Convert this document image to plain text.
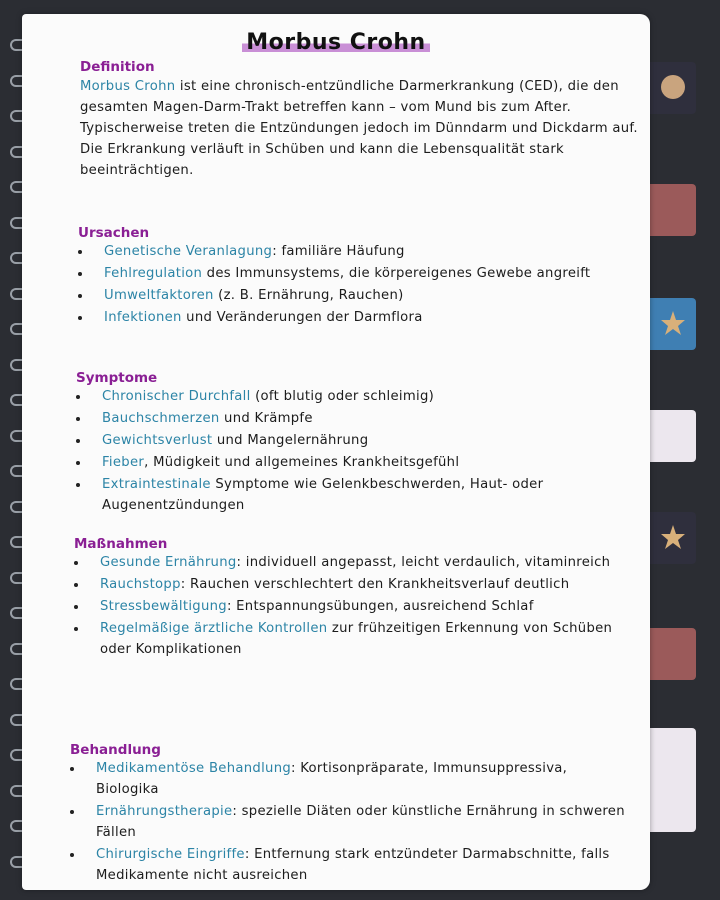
Morbus Crohn
Definition
Morbus Crohn ist eine chronisch-entzündliche Darmerkrankung (CED), die den gesamten Magen-Darm-Trakt betreffen kann – vom Mund bis zum After. Typischerweise treten die Entzündungen jedoch im Dünndarm und Dickdarm auf. Die Erkrankung verläuft in Schüben und kann die Lebensqualität stark beeinträchtigen.
Ursachen
Genetische Veranlagung: familiäre Häufung
Fehlregulation des Immunsystems, die körpereigenes Gewebe angreift
Umweltfaktoren (z. B. Ernährung, Rauchen)
Infektionen und Veränderungen der Darmflora
Symptome
Chronischer Durchfall (oft blutig oder schleimig)
Bauchschmerzen und Krämpfe
Gewichtsverlust und Mangelernährung
Fieber, Müdigkeit und allgemeines Krankheitsgefühl
Extraintestinale Symptome wie Gelenkbeschwerden, Haut- oder Augenentzündungen
Maßnahmen
Gesunde Ernährung: individuell angepasst, leicht verdaulich, vitaminreich
Rauchstopp: Rauchen verschlechtert den Krankheitsverlauf deutlich
Stressbewältigung: Entspannungsübungen, ausreichend Schlaf
Regelmäßige ärztliche Kontrollen zur frühzeitigen Erkennung von Schüben oder Komplikationen
Behandlung
Medikamentöse Behandlung: Kortisonpräparate, Immunsuppressiva, Biologika
Ernährungstherapie: spezielle Diäten oder künstliche Ernährung in schweren Fällen
Chirurgische Eingriffe: Entfernung stark entzündeter Darmabschnitte, falls Medikamente nicht ausreichen
